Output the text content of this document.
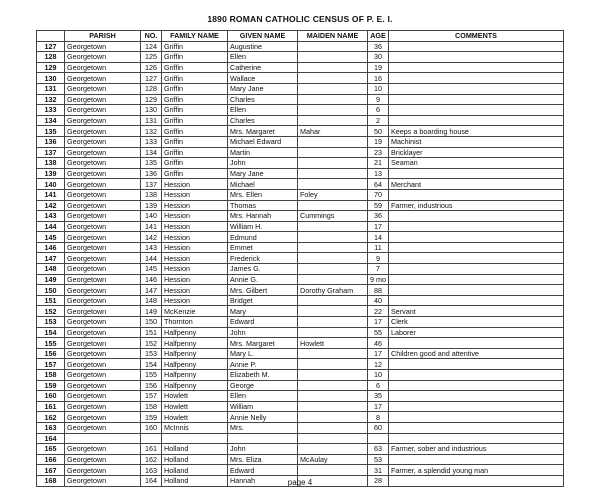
1890 ROMAN CATHOLIC CENSUS OF P. E. I.
	PARISH	NO.	FAMILY NAME	GIVEN NAME	MAIDEN NAME	AGE	COMMENTS
127	Georgetown	124	Griffin	Augustine		36	
128	Georgetown	125	Griffin	Ellen		30	
129	Georgetown	126	Griffin	Catherine		19	
130	Georgetown	127	Griffin	Wallace		16	
131	Georgetown	128	Griffin	Mary Jane		10	
132	Georgetown	129	Griffin	Charles		9	
133	Georgetown	130	Griffin	Ellen		6	
134	Georgetown	131	Griffin	Charles		2	
135	Georgetown	132	Griffin	Mrs. Margaret	Mahar	50	Keeps a boarding house
136	Georgetown	133	Griffin	Michael Edward		19	Machinist
137	Georgetown	134	Griffin	Martin		23	Bricklayer
138	Georgetown	135	Griffin	John		21	Seaman
139	Georgetown	136	Griffin	Mary Jane		13	
140	Georgetown	137	Hession	Michael		64	Merchant
141	Georgetown	138	Hession	Mrs. Ellen	Foley	70	
142	Georgetown	139	Hession	Thomas		59	Farmer, industrious
143	Georgetown	140	Hession	Mrs. Hannah	Cummings	36	
144	Georgetown	141	Hession	William H.		17	
145	Georgetown	142	Hession	Edmund		14	
146	Georgetown	143	Hession	Emmet		11	
147	Georgetown	144	Hession	Frederick		9	
148	Georgetown	145	Hession	James G.		7	
149	Georgetown	146	Hession	Annie G.		9 mo	
150	Georgetown	147	Hession	Mrs. Gilbert	Dorothy Graham	88	
151	Georgetown	148	Hession	Bridget		40	
152	Georgetown	149	McKenzie	Mary		22	Servant
153	Georgetown	150	Thornton	Edward		17	Clerk
154	Georgetown	151	Halfpenny	John		55	Laborer
155	Georgetown	152	Halfpenny	Mrs. Margaret	Howlett	46	
156	Georgetown	153	Halfpenny	Mary L.		17	Children good and attentive
157	Georgetown	154	Halfpenny	Annie P.		12	
158	Georgetown	155	Halfpenny	Elizabeth M.		10	
159	Georgetown	156	Halfpenny	George		6	
160	Georgetown	157	Howlett	Ellen		35	
161	Georgetown	158	Howlett	William		17	
162	Georgetown	159	Howlett	Annie Nelly		8	
163	Georgetown	160	McInnis	Mrs.		60	
164							
165	Georgetown	161	Holland	John		63	Farmer, sober and industrious
166	Georgetown	162	Holland	Mrs. Eliza	McAulay	53	
167	Georgetown	163	Holland	Edward		31	Farmer, a splendid young man
168	Georgetown	164	Holland	Hannah		28	
page 4
